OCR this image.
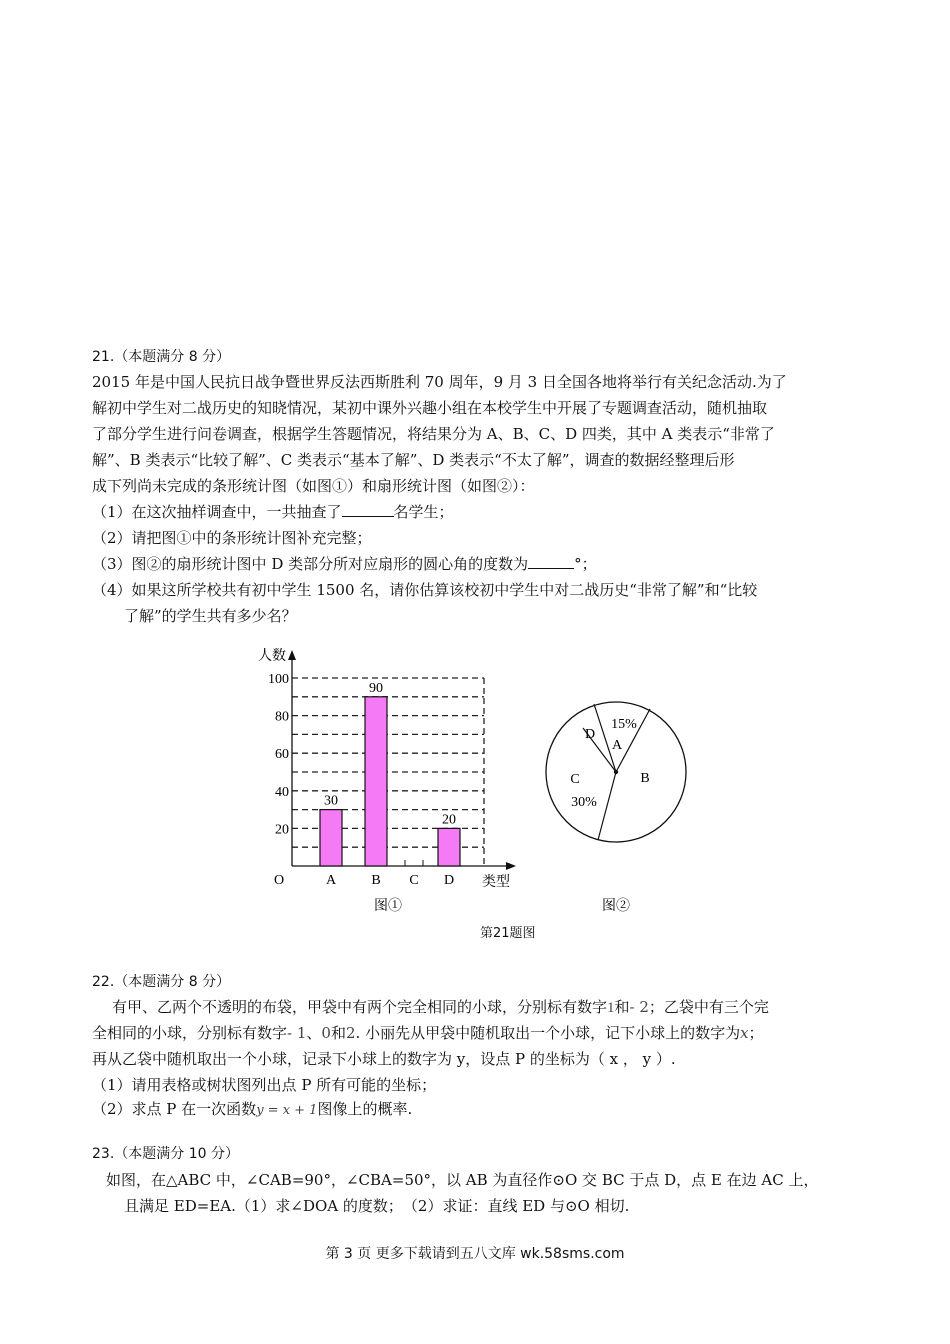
21.（本题满分 8 分）
2015 年是中国人民抗日战争暨世界反法西斯胜利 70 周年，9 月 3 日全国各地将举行有关纪念活动.为了
解初中学生对二战历史的知晓情况，某初中课外兴趣小组在本校学生中开展了专题调查活动，随机抽取
了部分学生进行问卷调查，根据学生答题情况，将结果分为 A、B、C、D 四类，其中 A 类表示“非常了
解”、B 类表示“比较了解”、C 类表示“基本了解”、D 类表示“不太了解”，调查的数据经整理后形
成下列尚未完成的条形统计图（如图①）和扇形统计图（如图②）：
（1）在这次抽样调查中，一共抽查了	名学生；
（2）请把图①中的条形统计图补充完整；
（3）图②的扇形统计图中 D 类部分所对应扇形的圆心角的度数为	°；
（4）如果这所学校共有初中学生 1500 名，请你估算该校初中学生中对二战历史“非常了解”和“比较
了解”的学生共有多少名？
人数
类型
O
20
40
60
80
100
A
30
B
90
C D
20
图①
A
B
C
D
15%
30%
图②
第21题图
22.（本题满分 8 分）
有甲、乙两个不透明的布袋，甲袋中有两个完全相同的小球，分别标有数字1和- 2；乙袋中有三个完
全相同的小球，分别标有数字- 1、0和2. 小丽先从甲袋中随机取出一个小球，记下小球上的数字为x；
再从乙袋中随机取出一个小球，记录下小球上的数字为 y，设点 P 的坐标为（ x ， y ）.
（1）请用表格或树状图列出点 P 所有可能的坐标；
（2）求点 P 在一次函数y = x + 1图像上的概率.
23.（本题满分 10 分）
如图，在△ABC 中，∠CAB=90°，∠CBA=50°，以 AB 为直径作⊙O 交 BC 于点 D，点 E 在边 AC 上，
且满足 ED=EA.（1）求∠DOA 的度数；　（2）求证：直线 ED 与⊙O 相切.
第 3 页 更多下载请到五八文库 wk.58sms.com
